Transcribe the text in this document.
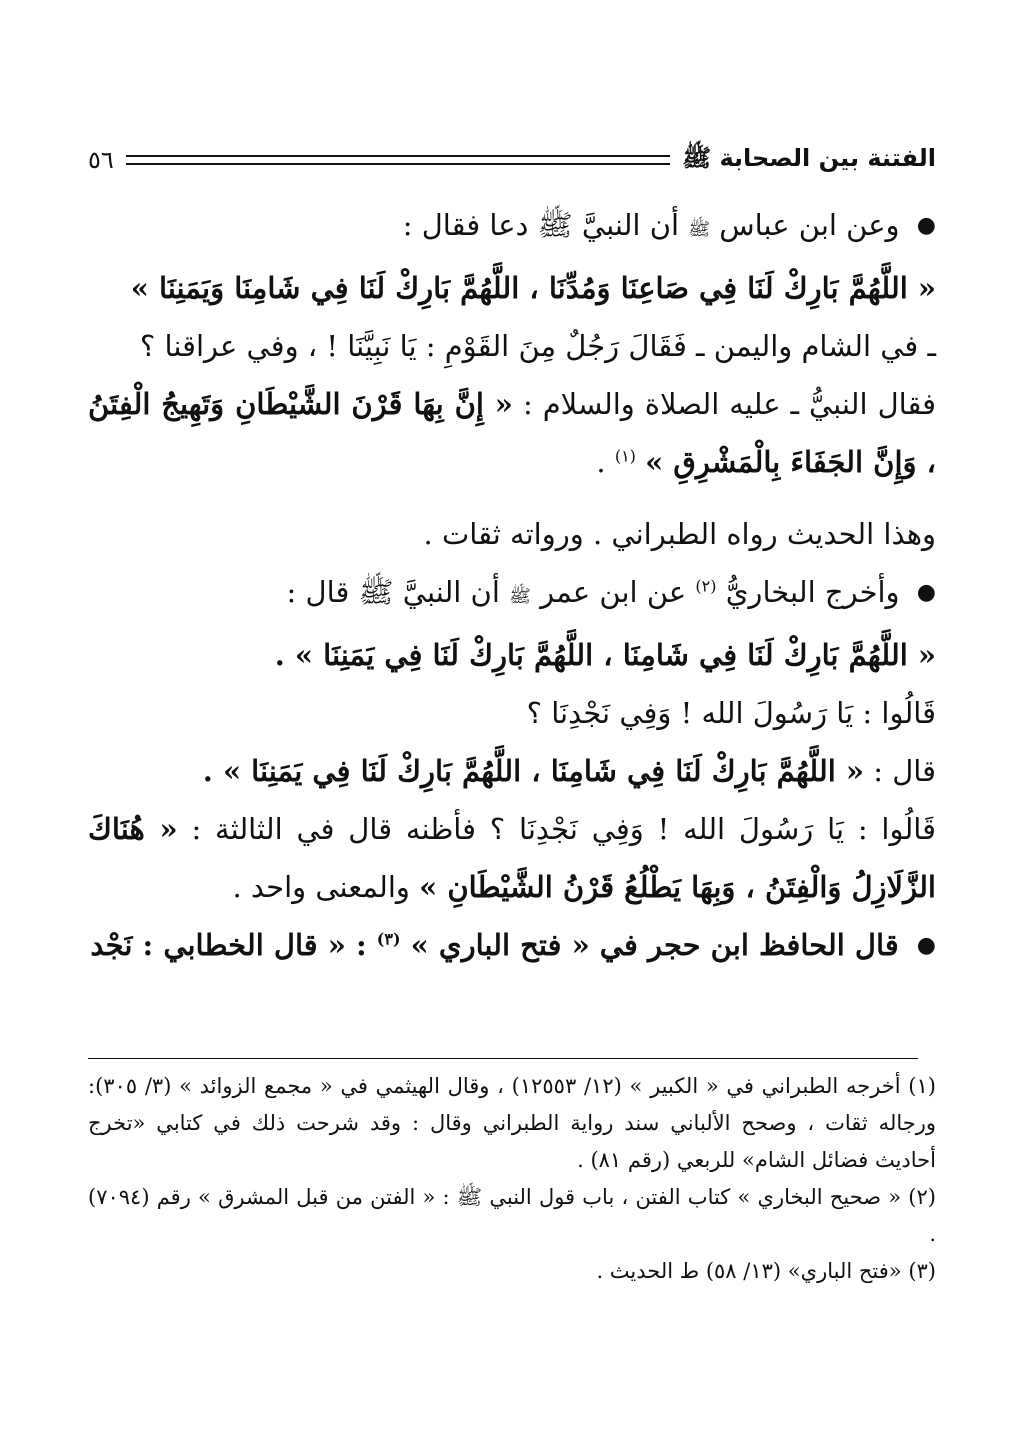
الفتنة بين الصحابة ﷺ
٥٦

● وعن ابن عباس ﷺ أن النبيَّ ﷺ دعا فقال :

« اللَّهُمَّ بَارِكْ لَنَا فِي صَاعِنَا وَمُدِّنَا ، اللَّهُمَّ بَارِكْ لَنَا فِي شَامِنَا وَيَمَنِنَا »

ـ في الشام واليمن ـ فَقَالَ رَجُلٌ مِنَ القَوْمِ : يَا نَبِيَّنَا ! ، وفي عراقنا ؟

فقال النبيُّ ـ عليه الصلاة والسلام : « إِنَّ بِهَا قَرْنَ الشَّيْطَانِ وَتَهِيجُ الْفِتَنُ ، وَإِنَّ الجَفَاءَ بِالْمَشْرِقِ » $^{(١)}$ .

وهذا الحديث رواه الطبراني . ورواته ثقات .

● وأخرج البخاريُّ $^{(٢)}$ عن ابن عمر ﷺ أن النبيَّ ﷺ قال :

« اللَّهُمَّ بَارِكْ لَنَا فِي شَامِنَا ، اللَّهُمَّ بَارِكْ لَنَا فِي يَمَنِنَا » .

قَالُوا : يَا رَسُولَ الله ! وَفِي نَجْدِنَا ؟

قال : « اللَّهُمَّ بَارِكْ لَنَا فِي شَامِنَا ، اللَّهُمَّ بَارِكْ لَنَا فِي يَمَنِنَا » .

قَالُوا : يَا رَسُولَ الله ! وَفِي نَجْدِنَا ؟ فأظنه قال في الثالثة : « هُنَاكَ الزَّلَازِلُ وَالْفِتَنُ ، وَبِهَا يَطْلُعُ قَرْنُ الشَّيْطَانِ » والمعنى واحد .

● قال الحافظ ابن حجر في « فتح الباري » $^{(٣)}$ : « قال الخطابي : نَجْد

(١) أخرجه الطبراني في « الكبير » (١٢/ ١٢٥٥٣) ، وقال الهيثمي في « مجمع الزوائد » (٣/ ٣٠٥): ورجاله ثقات ، وصحح الألباني سند رواية الطبراني وقال : وقد شرحت ذلك في كتابي «تخرج أحاديث فضائل الشام» للربعي (رقم ٨١) .

(٢) « صحيح البخاري » كتاب الفتن ، باب قول النبي ﷺ : « الفتن من قبل المشرق » رقم (٧٠٩٤) .

(٣) «فتح الباري» (١٣/ ٥٨) ط الحديث .
